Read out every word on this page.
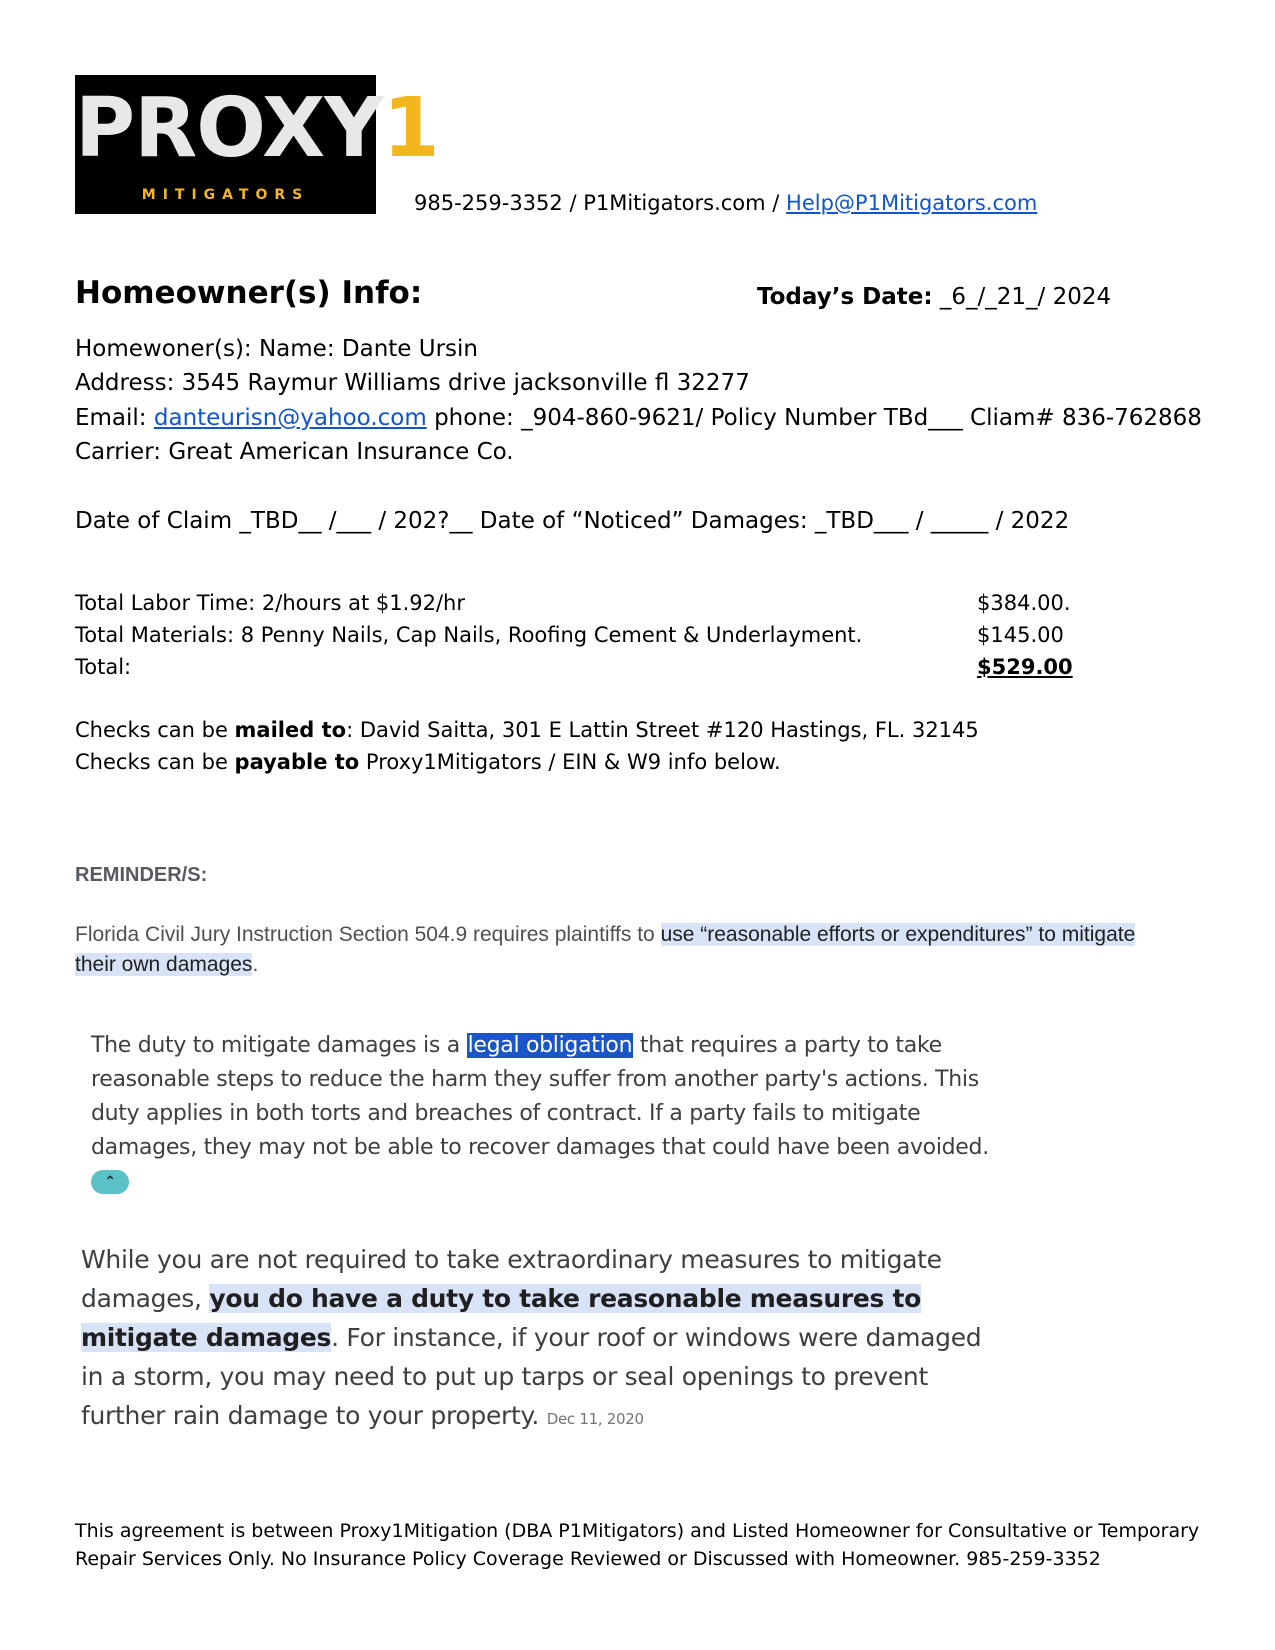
PROXY1
MITIGATORS	985-259-3352 / P1Mitigators.com / Help@P1Mitigators.com
Homeowner(s) Info:	Today’s Date: _6_/_21_/ 2024
Homewoner(s): Name: Dante Ursin
Address: 3545 Raymur Williams drive jacksonville fl 32277
Email: danteurisn@yahoo.com phone: _904-860-9621/ Policy Number TBd___ Cliam# 836-762868
Carrier: Great American Insurance Co.
Date of Claim _TBD__ /___ / 202?__ Date of “Noticed” Damages: _TBD___ / _____ / 2022
Total Labor Time: 2/hours at $1.92/hr	$384.00.
Total Materials: 8 Penny Nails, Cap Nails, Roofing Cement & Underlayment.	$145.00
Total:	$529.00
Checks can be mailed to: David Saitta, 301 E Lattin Street #120 Hastings, FL. 32145
Checks can be payable to Proxy1Mitigators / EIN & W9 info below.
REMINDER/S:
Florida Civil Jury Instruction Section 504.9 requires plaintiffs to use “reasonable efforts or expenditures” to mitigate their own damages.
The duty to mitigate damages is a legal obligation that requires a party to take reasonable steps to reduce the harm they suffer from another party's actions. This duty applies in both torts and breaches of contract. If a party fails to mitigate damages, they may not be able to recover damages that could have been avoided. ⌃
While you are not required to take extraordinary measures to mitigate damages, you do have a duty to take reasonable measures to mitigate damages. For instance, if your roof or windows were damaged in a storm, you may need to put up tarps or seal openings to prevent further rain damage to your property. Dec 11, 2020
This agreement is between Proxy1Mitigation (DBA P1Mitigators) and Listed Homeowner for Consultative or Temporary Repair Services Only. No Insurance Policy Coverage Reviewed or Discussed with Homeowner. 985-259-3352
